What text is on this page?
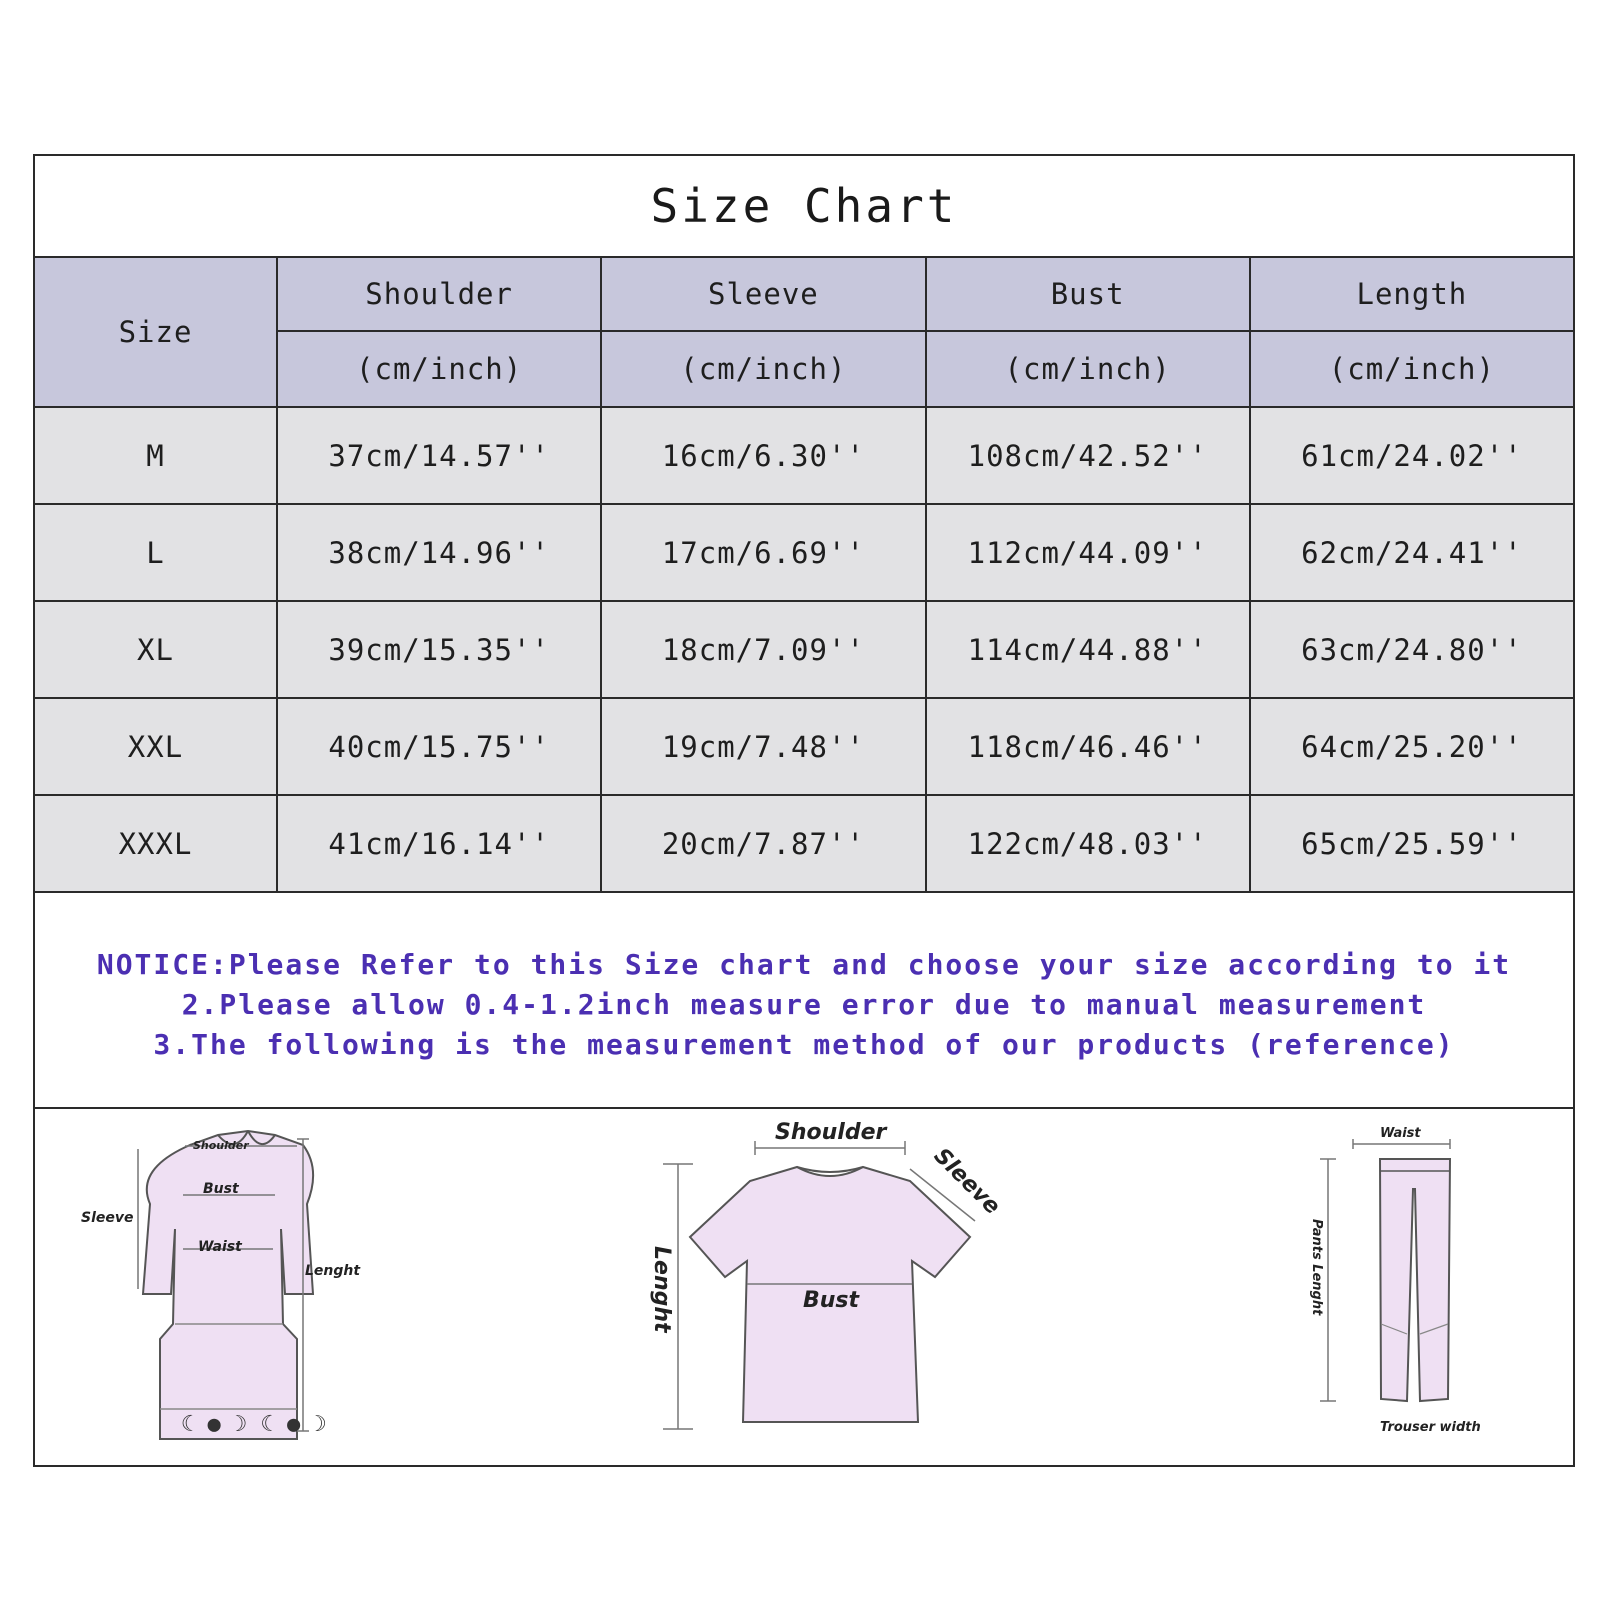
Size Chart
Size	Shoulder	Sleeve	Bust	Length
	(cm/inch)	(cm/inch)	(cm/inch)	(cm/inch)
M	37cm/14.57''	16cm/6.30''	108cm/42.52''	61cm/24.02''
L	38cm/14.96''	17cm/6.69''	112cm/44.09''	62cm/24.41''
XL	39cm/15.35''	18cm/7.09''	114cm/44.88''	63cm/24.80''
XXL	40cm/15.75''	19cm/7.48''	118cm/46.46''	64cm/25.20''
XXXL	41cm/16.14''	20cm/7.87''	122cm/48.03''	65cm/25.59''
NOTICE:Please Refer to this Size chart and choose your size according to it
2.Please allow 0.4-1.2inch measure error due to manual measurement
3.The following is the measurement method of our products (reference)
☾ ● ☽ ☾ ● ☽
Shoulder
Bust
Waist
Sleeve
Lenght
Shoulder
Sleeve
Bust
Lenght
Waist
Pants Lenght
Trouser width
